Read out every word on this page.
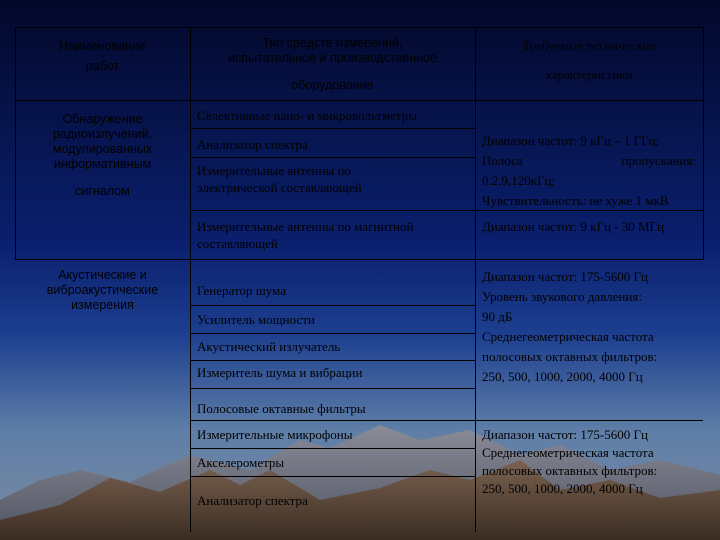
Наименование
работ
Тип средств измерений,
испытательное и производственное
оборудование
Требуемые технические
характеристики
Обнаружение
радиоизлучений,
модулированных
информативным
сигналом
Акустические и
виброакустические
измерения
Селективные нано- и микровольтметры
Анализатор спектра
Измерительные антенны по
электрической составляющей
Измерительные антенны по магнитной
составляющей
Генератор шума
Усилитель мощности
Акустический излучатель
Измеритель шума и вибрации
Полосовые октавные фильтры
Измерительные микрофоны
Акселерометры
Анализатор спектра
Диапазон частот: 9 кГц – 1 ГГц;
Полоса	пропускания:
0.2,9,120кГц;
Чувствительность: не хуже 1 мкВ
Диапазон частот: 9 кГц - 30 МГц
Диапазон частот: 175-5600 Гц
Уровень звукового давления:
90 дБ
Среднегеометрическая частота
полосовых октавных фильтров:
250, 500, 1000, 2000, 4000 Гц
Диапазон частот: 175-5600 Гц
Среднегеометрическая частота
полосовых октавных фильтров:
250, 500, 1000, 2000, 4000 Гц
